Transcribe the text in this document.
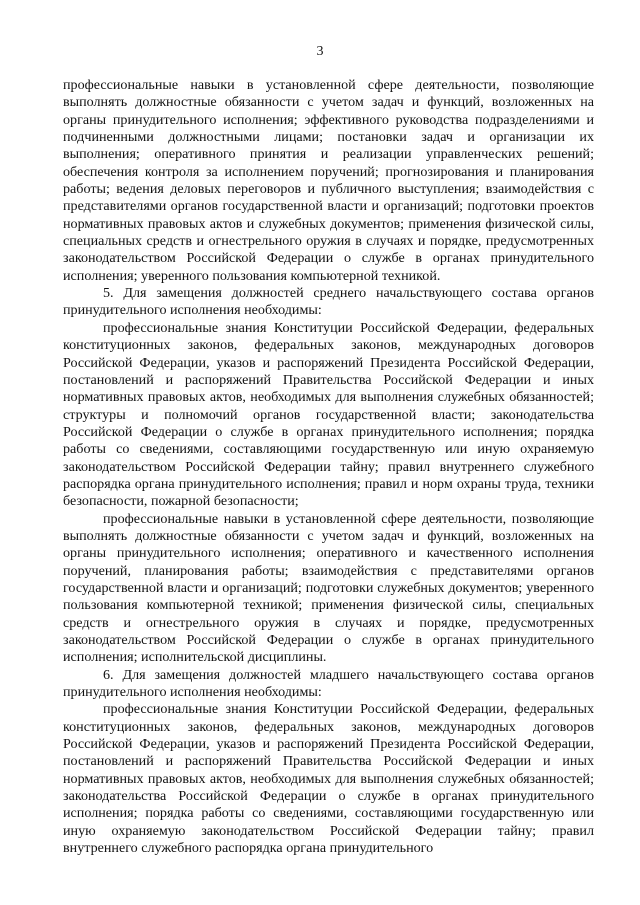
3

профессиональные навыки в установленной сфере деятельности, позволяющие выполнять должностные обязанности с учетом задач и функций, возложенных на органы принудительного исполнения; эффективного руководства подразделениями и подчиненными должностными лицами; постановки задач и организации их выполнения; оперативного принятия и реализации управленческих решений; обеспечения контроля за исполнением поручений; прогнозирования и планирования работы; ведения деловых переговоров и публичного выступления; взаимодействия с представителями органов государственной власти и организаций; подготовки проектов нормативных правовых актов и служебных документов; применения физической силы, специальных средств и огнестрельного оружия в случаях и порядке, предусмотренных законодательством Российской Федерации о службе в органах принудительного исполнения; уверенного пользования компьютерной техникой.

5. Для замещения должностей среднего начальствующего состава органов принудительного исполнения необходимы:

профессиональные знания Конституции Российской Федерации, федеральных конституционных законов, федеральных законов, международных договоров Российской Федерации, указов и распоряжений Президента Российской Федерации, постановлений и распоряжений Правительства Российской Федерации и иных нормативных правовых актов, необходимых для выполнения служебных обязанностей; структуры и полномочий органов государственной власти; законодательства Российской Федерации о службе в органах принудительного исполнения; порядка работы со сведениями, составляющими государственную или иную охраняемую законодательством Российской Федерации тайну; правил внутреннего служебного распорядка органа принудительного исполнения; правил и норм охраны труда, техники безопасности, пожарной безопасности;

профессиональные навыки в установленной сфере деятельности, позволяющие выполнять должностные обязанности с учетом задач и функций, возложенных на органы принудительного исполнения; оперативного и качественного исполнения поручений, планирования работы; взаимодействия с представителями органов государственной власти и организаций; подготовки служебных документов; уверенного пользования компьютерной техникой; применения физической силы, специальных средств и огнестрельного оружия в случаях и порядке, предусмотренных законодательством Российской Федерации о службе в органах принудительного исполнения; исполнительской дисциплины.

6. Для замещения должностей младшего начальствующего состава органов принудительного исполнения необходимы:

профессиональные знания Конституции Российской Федерации, федеральных конституционных законов, федеральных законов, международных договоров Российской Федерации, указов и распоряжений Президента Российской Федерации, постановлений и распоряжений Правительства Российской Федерации и иных нормативных правовых актов, необходимых для выполнения служебных обязанностей; законодательства Российской Федерации о службе в органах принудительного исполнения; порядка работы со сведениями, составляющими государственную или иную охраняемую законодательством Российской Федерации тайну; правил внутреннего служебного распорядка органа принудительного
